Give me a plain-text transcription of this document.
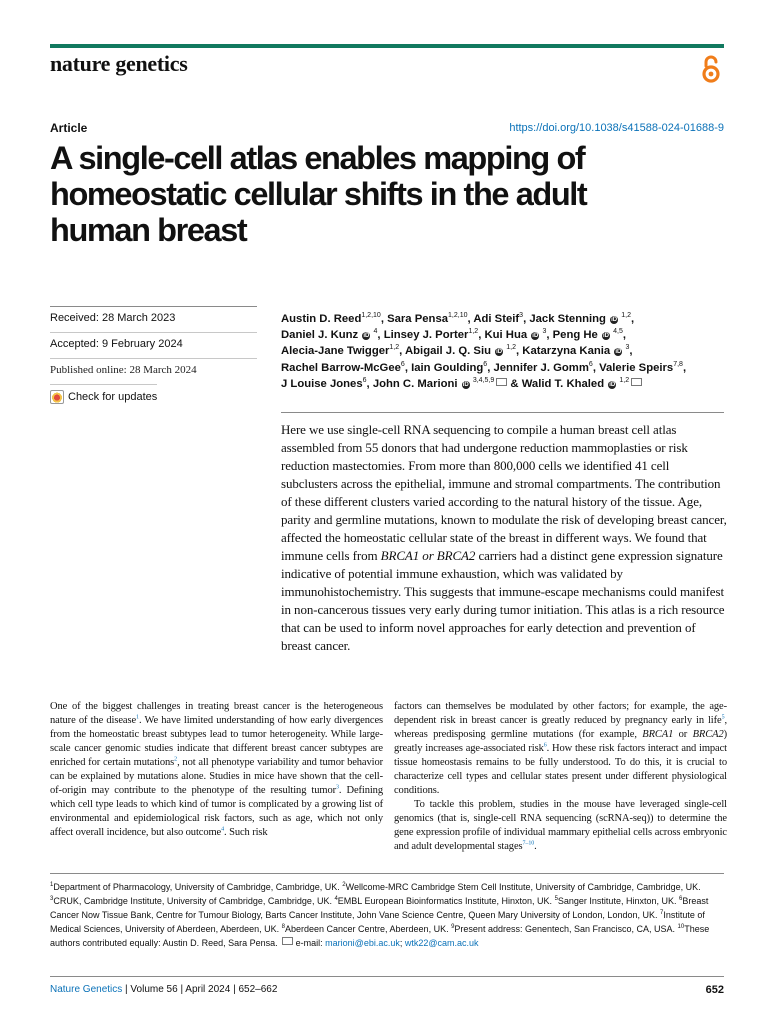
nature genetics
Article	https://doi.org/10.1038/s41588-024-01688-9
A single-cell atlas enables mapping of homeostatic cellular shifts in the adult human breast
Received: 28 March 2023
Accepted: 9 February 2024
Published online: 28 March 2024
Check for updates
Austin D. Reed$^{1,2,10}$, Sara Pensa$^{1,2,10}$, Adi Steif$^3$, Jack Stenning iD $^{1,2}$,
Daniel J. Kunz iD $^4$, Linsey J. Porter$^{1,2}$, Kui Hua iD $^3$, Peng He iD $^{4,5}$,
Alecia-Jane Twigger$^{1,2}$, Abigail J. Q. Siu iD $^{1,2}$, Katarzyna Kania iD $^3$,
Rachel Barrow-McGee$^6$, Iain Goulding$^6$, Jennifer J. Gomm$^6$, Valerie Speirs$^{7,8}$,
J Louise Jones$^6$, John C. Marioni iD $^{3,4,5,9}$ & Walid T. Khaled iD $^{1,2}$

Here we use single-cell RNA sequencing to compile a human breast cell atlas assembled from 55 donors that had undergone reduction mammoplasties or risk reduction mastectomies. From more than 800,000 cells we identified 41 cell subclusters across the epithelial, immune and stromal compartments. The contribution of these different clusters varied according to the natural history of the tissue. Age, parity and germline mutations, known to modulate the risk of developing breast cancer, affected the homeostatic cellular state of the breast in different ways. We found that immune cells from BRCA1 or BRCA2 carriers had a distinct gene expression signature indicative of potential immune exhaustion, which was validated by immunohistochemistry. This suggests that immune-escape mechanisms could manifest in non-cancerous tissues very early during tumor initiation. This atlas is a rich resource that can be used to inform novel approaches for early detection and prevention of breast cancer.

One of the biggest challenges in treating breast cancer is the heterogeneous nature of the disease$^1$. We have limited understanding of how early divergences from the homeostatic breast subtypes lead to tumor heterogeneity. While large-scale cancer genomic studies indicate that different breast cancer subtypes are enriched for certain mutations$^2$, not all phenotype variability and tumor behavior can be explained by mutations alone. Studies in mice have shown that the cell-of-origin may contribute to the phenotype of the resulting tumor$^3$. Defining which cell type leads to which kind of tumor is complicated by a growing list of environmental and epidemiological risk factors, such as age, which not only affect overall incidence, but also outcome$^4$. Such risk

factors can themselves be modulated by other factors; for example, the age-dependent risk in breast cancer is greatly reduced by pregnancy early in life$^5$, whereas predisposing germline mutations (for example, BRCA1 or BRCA2) greatly increases age-associated risk$^6$. How these risk factors interact and impact tissue homeostasis remains to be fully understood. To do this, it is crucial to characterize cell types and cellular states present under different physiological conditions.

To tackle this problem, studies in the mouse have leveraged single-cell genomics (that is, single-cell RNA sequencing (scRNA-seq)) to determine the gene expression profile of individual mammary epithelial cells across embryonic and adult developmental stages$^{7-10}$.

$^1$Department of Pharmacology, University of Cambridge, Cambridge, UK. $^2$Wellcome-MRC Cambridge Stem Cell Institute, University of Cambridge, Cambridge, UK. $^3$CRUK, Cambridge Institute, University of Cambridge, Cambridge, UK. $^4$EMBL European Bioinformatics Institute, Hinxton, UK. $^5$Sanger Institute, Hinxton, UK. $^6$Breast Cancer Now Tissue Bank, Centre for Tumour Biology, Barts Cancer Institute, John Vane Science Centre, Queen Mary University of London, London, UK. $^7$Institute of Medical Sciences, University of Aberdeen, Aberdeen, UK. $^8$Aberdeen Cancer Centre, Aberdeen, UK. $^9$Present address: Genentech, San Francisco, CA, USA. $^{10}$These authors contributed equally: Austin D. Reed, Sara Pensa.  e-mail: marioni@ebi.ac.uk; wtk22@cam.ac.uk
Nature Genetics | Volume 56 | April 2024 | 652–662	652
